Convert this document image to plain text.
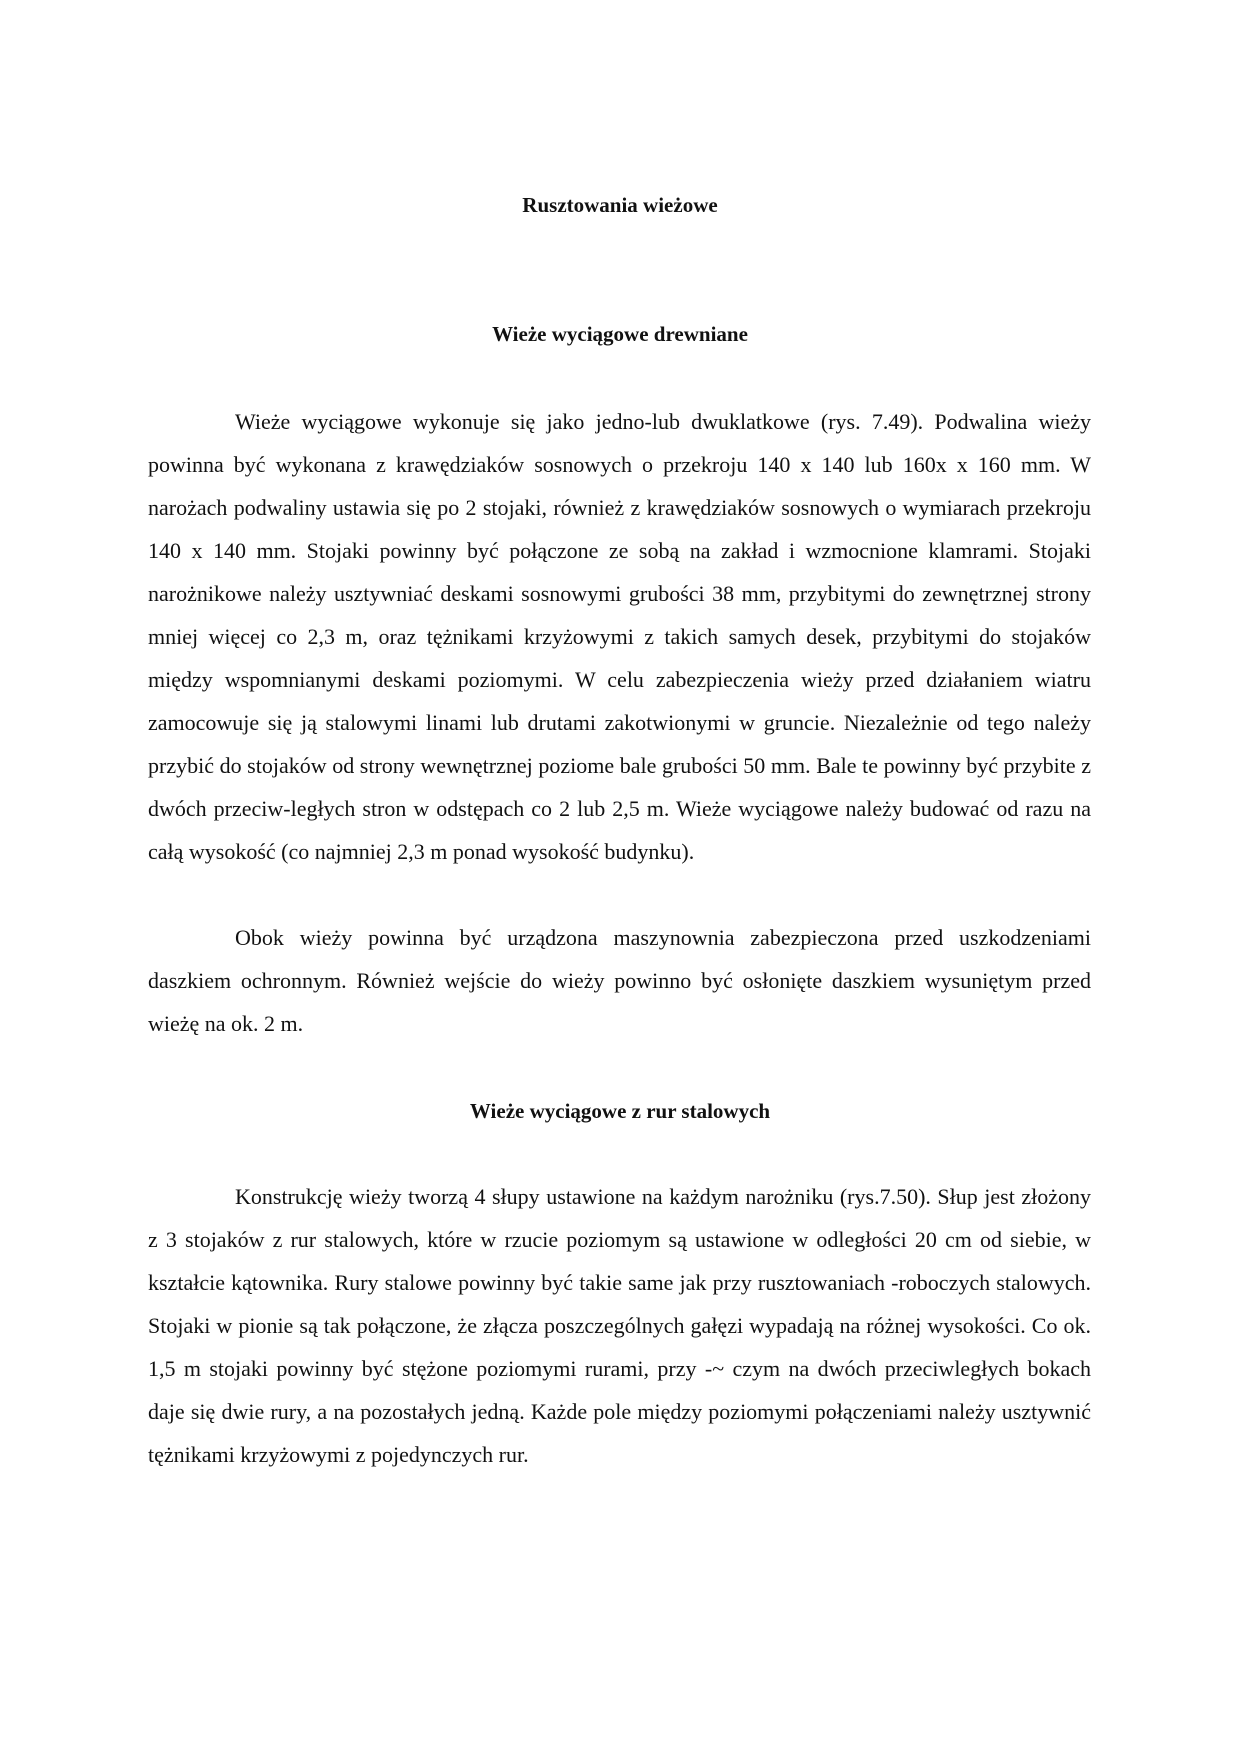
Rusztowania wieżowe
Wieże wyciągowe drewniane

Wieże wyciągowe wykonuje się jako jedno-lub dwuklatkowe (rys. 7.49). Podwalina wieży powinna być wykonana z krawędziaków sosnowych o przekroju 140 x 140 lub 160x x 160 mm. W narożach podwaliny ustawia się po 2 stojaki, również z krawędziaków sosnowych o wymiarach przekroju 140 x 140 mm. Stojaki powinny być połączone ze sobą na zakład i wzmocnione klamrami. Stojaki narożnikowe należy usztywniać deskami sosnowymi grubości 38 mm, przybitymi do zewnętrznej strony mniej więcej co 2,3 m, oraz tężnikami krzyżowymi z takich samych desek, przybitymi do stojaków między wspomnianymi deskami poziomymi. W celu zabezpieczenia wieży przed działaniem wiatru zamocowuje się ją stalowymi linami lub drutami zakotwionymi w gruncie. Niezależnie od tego należy przybić do stojaków od strony wewnętrznej poziome bale grubości 50 mm. Bale te powinny być przybite z dwóch przeciw-ległych stron w odstępach co 2 lub 2,5 m. Wieże wyciągowe należy budować od razu na całą wysokość (co najmniej 2,3 m ponad wysokość budynku).

Obok wieży powinna być urządzona maszynownia zabezpieczona przed uszkodzeniami daszkiem ochronnym. Również wejście do wieży powinno być osłonięte daszkiem wysuniętym przed wieżę na ok. 2 m.

Wieże wyciągowe z rur stalowych

Konstrukcję wieży tworzą 4 słupy ustawione na każdym narożniku (rys.7.50). Słup jest złożony z 3 stojaków z rur stalowych, które w rzucie poziomym są ustawione w odległości 20 cm od siebie, w kształcie kątownika. Rury stalowe powinny być takie same jak przy rusztowaniach -roboczych stalowych. Stojaki w pionie są tak połączone, że złącza poszczególnych gałęzi wypadają na różnej wysokości. Co ok. 1,5 m stojaki powinny być stężone poziomymi rurami, przy -~ czym na dwóch przeciwległych bokach daje się dwie rury, a na pozostałych jedną. Każde pole między poziomymi połączeniami należy usztywnić tężnikami krzyżowymi z pojedynczych rur.
